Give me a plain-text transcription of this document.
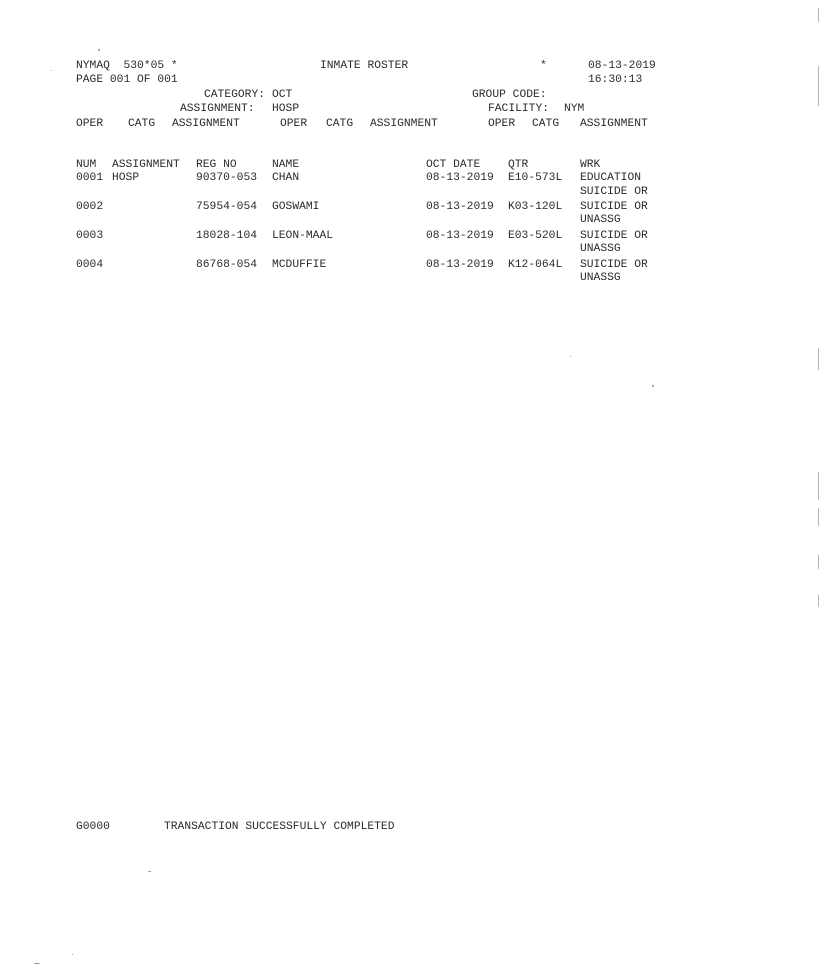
NYMAQ  530*05 *	INMATE ROSTER	*	08-13-2019
PAGE 001 OF 001	16:30:13
CATEGORY: OCT	GROUP CODE:
ASSIGNMENT: HOSP	FACILITY: NYM
OPER CATG ASSIGNMENT	OPER CATG ASSIGNMENT	OPER CATG ASSIGNMENT
NUM ASSIGNMENT REG NO	NAME	OCT DATE QTR	WRK
0001 HOSP	90370-053 CHAN	08-13-2019 E10-573L EDUCATION
SUICIDE OR
0002	75954-054 GOSWAMI	08-13-2019 K03-120L SUICIDE OR
UNASSG
0003	18028-104 LEON-MAAL	08-13-2019 E03-520L SUICIDE OR
UNASSG
0004	86768-054 MCDUFFIE	08-13-2019 K12-064L SUICIDE OR
UNASSG
G0000	TRANSACTION SUCCESSFULLY COMPLETED
